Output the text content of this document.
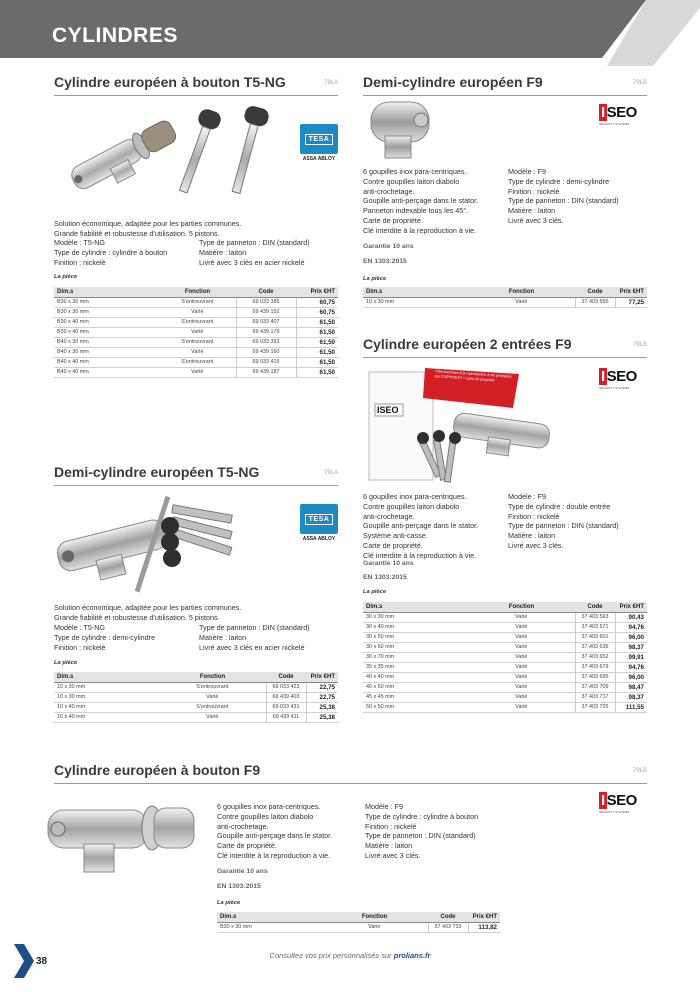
CYLINDRES
Cylindre européen à bouton T5-NG	79LA
TESA
ASSA ABLOY
Solution économique, adaptée pour les parties communes.
Grande fiabilité et robustesse d'utilisation. 5 pistons.
Modèle : T5-NG
Type de cylindre : cylindre à bouton
Finition : nickelé
Type de panneton : DIN (standard)
Matière : laiton
Livré avec 3 clés en acier nickelé
La pièce
Dim.s	Fonction	Code	Prix €HT
B30 x 30 mm	S'entrouvrant	69 033 385	60,75
B30 x 30 mm	Varié	69 439 152	60,75
B30 x 40 mm	S'entrouvrant	69 033 407	61,50
B30 x 40 mm	Varié	69 439 179	61,50
B40 x 30 mm	S'entrouvrant	69 033 393	61,50
B40 x 30 mm	Varié	69 439 160	61,50
B40 x 40 mm	S'entrouvrant	69 033 415	61,50
B40 x 40 mm	Varié	69 439 187	61,50
Demi-cylindre européen F9	79LB
I SEO
SECURITY SYSTEMS
6 goupilles inox para-centriques.
Contre goupilles laiton diabolo
anti-crochetage.
Goupille anti-perçage dans le stator.
Panneton indexable tous les 45°.
Carte de propriété.
Clé interdite à la reproduction à vie.
Modèle : F9
Type de cylindre : demi-cylindre
Finition : nickelé
Type de panneton : DIN (standard)
Matière : laiton
Livré avec 3 clés.
Garantie 10 ans
EN 1303:2015
La pièce
Dim.s	Fonction	Code	Prix €HT
10 x 30 mm	Varié	37 403 555	77,25
Cylindre européen 2 entrées F9	79LB
ISEO
Clés soumises à la reproduction à vie protégées par COPYRIGHT • Carte de propriété	I SEO
SECURITY SYSTEMS
6 goupilles inox para-centriques.
Contre goupilles laiton diabolo
anti-crochetage.
Goupille anti-perçage dans le stator.
Système anti-casse.
Carte de propriété.
Clé interdite à la reproduction à vie.
Modèle : F9
Type de cylindre : double entrée
Finition : nickelé
Type de panneton : DIN (standard)
Matière : laiton
Livré avec 3 clés.
Garantie 10 ans
EN 1303:2015
La pièce
Dim.s	Fonction	Code	Prix €HT
30 x 30 mm	Varié	37 403 563	90,43
30 x 40 mm	Varié	37 403 571	94,76
30 x 50 mm	Varié	37 403 601	96,00
30 x 60 mm	Varié	37 403 636	98,37
30 x 70 mm	Varié	37 403 652	99,91
35 x 35 mm	Varié	37 403 679	94,76
40 x 40 mm	Varié	37 403 695	96,00
40 x 50 mm	Varié	37 403 709	98,47
45 x 45 mm	Varié	37 403 717	98,37
50 x 50 mm	Varié	37 403 725	111,55
Demi-cylindre européen T5-NG	79LA
TESA
ASSA ABLOY
Solution économique, adaptée pour les parties communes.
Grande fiabilité et robustesse d'utilisation. 5 pistons.
Modèle : T5-NG
Type de cylindre : demi-cylindre
Finition : nickelé
Type de panneton : DIN (standard)
Matière : laiton
Livré avec 3 clés en acier nickelé
La pièce
Dim.s	Fonction	Code	Prix €HT
10 x 30 mm	S'entrouvrant	69 033 423	22,75
10 x 30 mm	Varié	69 439 403	22,75
10 x 40 mm	S'entrouvrant	69 033 431	25,38
10 x 40 mm	Varié	69 439 411	25,38
Cylindre européen à bouton F9	79LB
I SEO
SECURITY SYSTEMS
6 goupilles inox para-centriques.
Contre goupilles laiton diabolo
anti-crochetage.
Goupille anti-perçage dans le stator.
Carte de propriété.
Clé interdite à la reproduction à vie.
Modèle : F9
Type de cylindre : cylindre à bouton
Finition : nickelé
Type de panneton : DIN (standard)
Matière : laiton
Livré avec 3 clés.
Garantie 10 ans
EN 1303:2015
La pièce
Dim.s	Fonction	Code	Prix €HT
B30 x 30 mm	Varié	37 403 733	113,82
38
Consultez vos prix personnalisés sur prolians.fr
